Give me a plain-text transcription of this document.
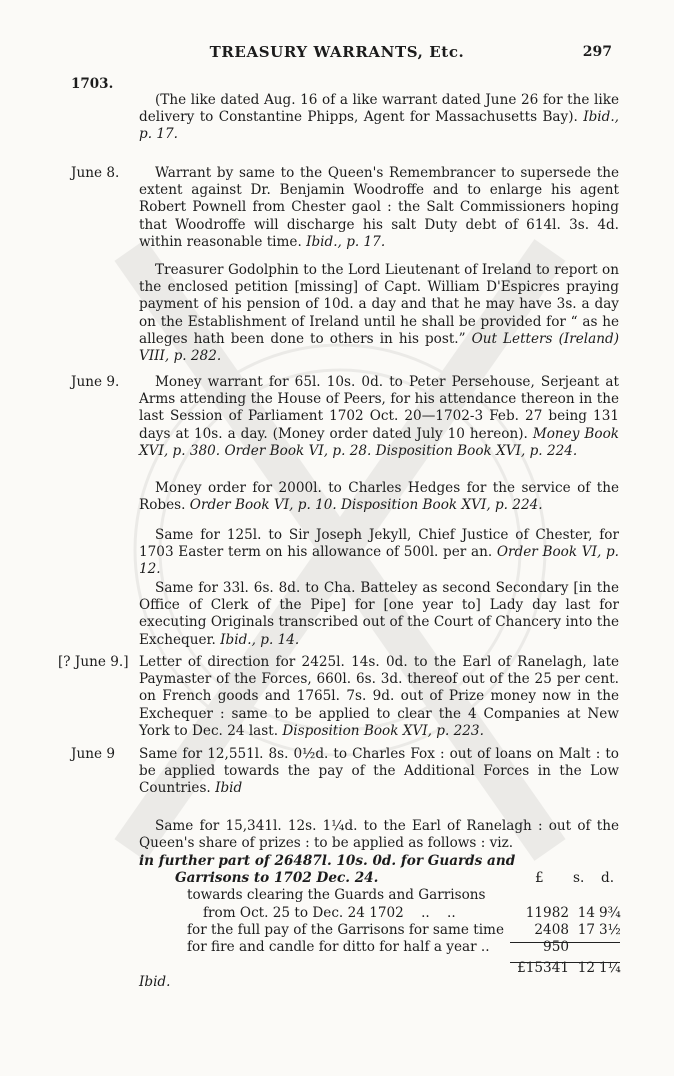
TREASURY WARRANTS, Etc.	297
1703.
(The like dated Aug. 16 of a like warrant dated June 26 for the like delivery to Constantine Phipps, Agent for Massachusetts Bay). Ibid., p. 17.
June 8.	Warrant by same to the Queen's Remembrancer to supersede the extent against Dr. Benjamin Woodroffe and to enlarge his agent Robert Pownell from Chester gaol : the Salt Commissioners hoping that Woodroffe will discharge his salt Duty debt of 614l. 3s. 4d. within reasonable time. Ibid., p. 17.
Treasurer Godolphin to the Lord Lieutenant of Ireland to report on the enclosed petition [missing] of Capt. William D'Espicres praying payment of his pension of 10d. a day and that he may have 3s. a day on the Establishment of Ireland until he shall be provided for “ as he alleges hath been done to others in his post.” Out Letters (Ireland) VIII, p. 282.
June 9.	Money warrant for 65l. 10s. 0d. to Peter Persehouse, Serjeant at Arms attending the House of Peers, for his attendance thereon in the last Session of Parliament 1702 Oct. 20—1702-3 Feb. 27 being 131 days at 10s. a day. (Money order dated July 10 hereon). Money Book XVI, p. 380. Order Book VI, p. 28. Disposition Book XVI, p. 224.
Money order for 2000l. to Charles Hedges for the service of the Robes. Order Book VI, p. 10. Disposition Book XVI, p. 224.
Same for 125l. to Sir Joseph Jekyll, Chief Justice of Chester, for 1703 Easter term on his allowance of 500l. per an. Order Book VI, p. 12.
Same for 33l. 6s. 8d. to Cha. Batteley as second Secondary [in the Office of Clerk of the Pipe] for [one year to] Lady day last for executing Originals transcribed out of the Court of Chancery into the Exchequer. Ibid., p. 14.
[? June 9.] Letter of direction for 2425l. 14s. 0d. to the Earl of Ranelagh, late Paymaster of the Forces, 660l. 6s. 3d. thereof out of the 25 per cent. on French goods and 1765l. 7s. 9d. out of Prize money now in the Exchequer : same to be applied to clear the 4 Companies at New York to Dec. 24 last. Disposition Book XVI, p. 223.
June 9 Same for 12,551l. 8s. 0½d. to Charles Fox : out of loans on Malt : to be applied towards the pay of the Additional Forces in the Low Countries. Ibid
Same for 15,341l. 12s. 1¼d. to the Earl of Ranelagh : out of the Queen's share of prizes : to be applied as follows : viz.
in further part of 26487l. 10s. 0d. for Guards and
Garrisons to 1702 Dec. 24.	£ s. d.
towards clearing the Guards and Garrisons
from Oct. 25 to Dec. 24 1702    ..    ..	11982 14 9¾
for the full pay of the Garrisons for same time	2408 17 3½
for fire and candle for ditto for half a year ..	950
£15341 12 1¼
Ibid.
